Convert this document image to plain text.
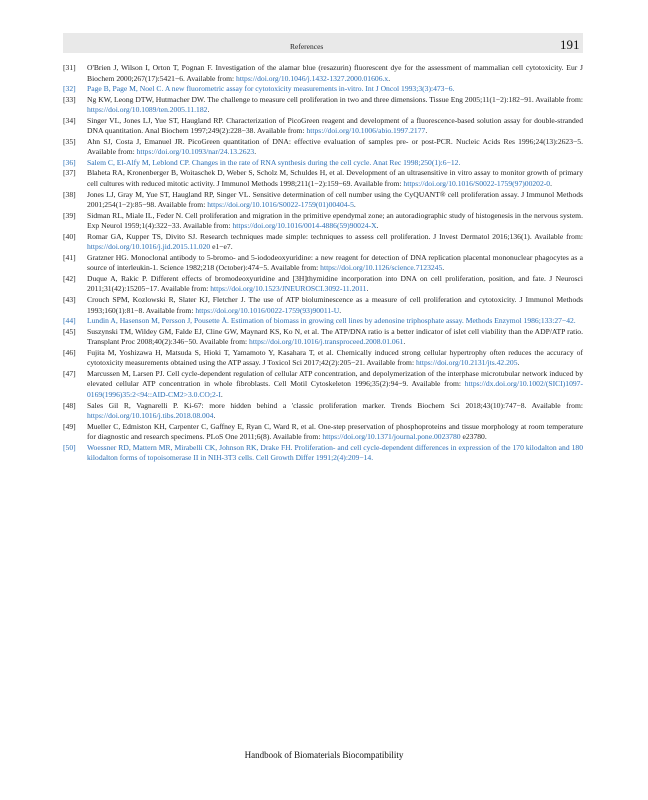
References	191
[31] O'Brien J, Wilson I, Orton T, Pognan F. Investigation of the alamar blue (resazurin) fluorescent dye for the assessment of mammalian cell cytotoxicity. Eur J Biochem 2000;267(17):5421−6. Available from: https://doi.org/10.1046/j.1432-1327.2000.01606.x.
[32] Page B, Page M, Noel C. A new fluorometric assay for cytotoxicity measurements in-vitro. Int J Oncol 1993;3(3):473−6.
[33] Ng KW, Leong DTW, Hutmacher DW. The challenge to measure cell proliferation in two and three dimensions. Tissue Eng 2005;11(1−2):182−91. Available from: https://doi.org/10.1089/ten.2005.11.182.
[34] Singer VL, Jones LJ, Yue ST, Haugland RP. Characterization of PicoGreen reagent and development of a fluorescence-based solution assay for double-stranded DNA quantitation. Anal Biochem 1997;249(2):228−38. Available from: https://doi.org/10.1006/abio.1997.2177.
[35] Ahn SJ, Costa J, Emanuel JR. PicoGreen quantitation of DNA: effective evaluation of samples pre- or post-PCR. Nucleic Acids Res 1996;24(13):2623−5. Available from: https://doi.org/10.1093/nar/24.13.2623.
[36] Salem C, El-Alfy M, Leblond CP. Changes in the rate of RNA synthesis during the cell cycle. Anat Rec 1998;250(1):6−12.
[37] Blaheta RA, Kronenberger B, Woitaschek D, Weber S, Scholz M, Schuldes H, et al. Development of an ultrasensitive in vitro assay to monitor growth of primary cell cultures with reduced mitotic activity. J Immunol Methods 1998;211(1−2):159−69. Available from: https://doi.org/10.1016/S0022-1759(97)00202-0.
[38] Jones LJ, Gray M, Yue ST, Haugland RP, Singer VL. Sensitive determination of cell number using the CyQUANT® cell proliferation assay. J Immunol Methods 2001;254(1−2):85−98. Available from: https://doi.org/10.1016/S0022-1759(01)00404-5.
[39] Sidman RL, Miale IL, Feder N. Cell proliferation and migration in the primitive ependymal zone; an autoradiographic study of histogenesis in the nervous system. Exp Neurol 1959;1(4):322−33. Available from: https://doi.org/10.1016/0014-4886(59)90024-X.
[40] Romar GA, Kupper TS, Divito SJ. Research techniques made simple: techniques to assess cell proliferation. J Invest Dermatol 2016;136(1). Available from: https://doi.org/10.1016/j.jid.2015.11.020 e1−e7.
[41] Gratzner HG. Monoclonal antibody to 5-bromo- and 5-iododeoxyuridine: a new reagent for detection of DNA replication placental mononuclear phagocytes as a source of interleukin-1. Science 1982;218 (October):474−5. Available from: https://doi.org/10.1126/science.7123245.
[42] Duque A, Rakic P. Different effects of bromodeoxyuridine and [3H]thymidine incorporation into DNA on cell proliferation, position, and fate. J Neurosci 2011;31(42):15205−17. Available from: https://doi.org/10.1523/JNEUROSCI.3092-11.2011.
[43] Crouch SPM, Kozlowski R, Slater KJ, Fletcher J. The use of ATP bioluminescence as a measure of cell proliferation and cytotoxicity. J Immunol Methods 1993;160(1):81−8. Available from: https://doi.org/10.1016/0022-1759(93)90011-U.
[44] Lundin A, Hasenson M, Persson J, Pousette Å. Estimation of biomass in growing cell lines by adenosine triphosphate assay. Methods Enzymol 1986;133:27−42.
[45] Suszynski TM, Wildey GM, Falde EJ, Cline GW, Maynard KS, Ko N, et al. The ATP/DNA ratio is a better indicator of islet cell viability than the ADP/ATP ratio. Transplant Proc 2008;40(2):346−50. Available from: https://doi.org/10.1016/j.transproceed.2008.01.061.
[46] Fujita M, Yoshizawa H, Matsuda S, Hioki T, Yamamoto Y, Kasahara T, et al. Chemically induced strong cellular hypertrophy often reduces the accuracy of cytotoxicity measurements obtained using the ATP assay. J Toxicol Sci 2017;42(2):205−21. Available from: https://doi.org/10.2131/jts.42.205.
[47] Marcussen M, Larsen PJ. Cell cycle-dependent regulation of cellular ATP concentration, and depolymerization of the interphase microtubular network induced by elevated cellular ATP concentration in whole fibroblasts. Cell Motil Cytoskeleton 1996;35(2):94−9. Available from: https://dx.doi.org/10.1002/(SICI)1097-0169(1996)35:2<94::AID-CM2>3.0.CO;2-I.
[48] Sales Gil R, Vagnarelli P. Ki-67: more hidden behind a 'classic proliferation marker. Trends Biochem Sci 2018;43(10):747−8. Available from: https://doi.org/10.1016/j.tibs.2018.08.004.
[49] Mueller C, Edmiston KH, Carpenter C, Gaffney E, Ryan C, Ward R, et al. One-step preservation of phosphoproteins and tissue morphology at room temperature for diagnostic and research specimens. PLoS One 2011;6(8). Available from: https://doi.org/10.1371/journal.pone.0023780 e23780.
[50] Woessner RD, Mattern MR, Mirabelli CK, Johnson RK, Drake FH. Proliferation- and cell cycle-dependent differences in expression of the 170 kilodalton and 180 kilodalton forms of topoisomerase II in NIH-3T3 cells. Cell Growth Differ 1991;2(4):209−14.
Handbook of Biomaterials Biocompatibility
